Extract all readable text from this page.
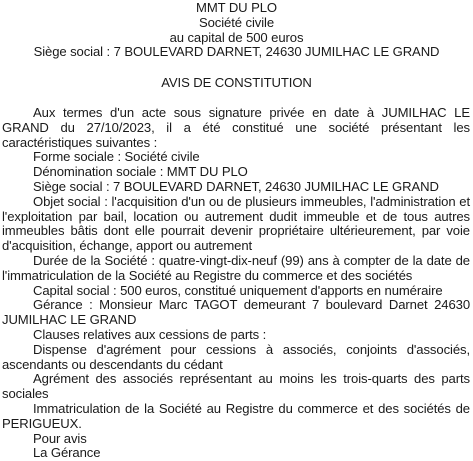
MMT DU PLO
Société civile
au capital de 500 euros
Siège social : 7 BOULEVARD DARNET, 24630 JUMILHAC LE GRAND
AVIS DE CONSTITUTION

Aux termes d'un acte sous signature privée en date à JUMILHAC LE GRAND du 27/10/2023, il a été constitué une société présentant les caractéristiques suivantes :

Forme sociale : Société civile

Dénomination sociale : MMT DU PLO

Siège social : 7 BOULEVARD DARNET, 24630 JUMILHAC LE GRAND

Objet social : l'acquisition d'un ou de plusieurs immeubles, l'administration et l'exploitation par bail, location ou autrement dudit immeuble et de tous autres immeubles bâtis dont elle pourrait devenir propriétaire ultérieurement, par voie d'acquisition, échange, apport ou autrement

Durée de la Société : quatre-vingt-dix-neuf (99) ans à compter de la date de l'immatriculation de la Société au Registre du commerce et des sociétés

Capital social : 500 euros, constitué uniquement d'apports en numéraire

Gérance : Monsieur Marc TAGOT demeurant 7 boulevard Darnet 24630 JUMILHAC LE GRAND

Clauses relatives aux cessions de parts :

Dispense d'agrément pour cessions à associés, conjoints d'associés, ascendants ou descendants du cédant

Agrément des associés représentant au moins les trois-quarts des parts sociales

Immatriculation de la Société au Registre du commerce et des sociétés de PERIGUEUX.

Pour avis
La Gérance
